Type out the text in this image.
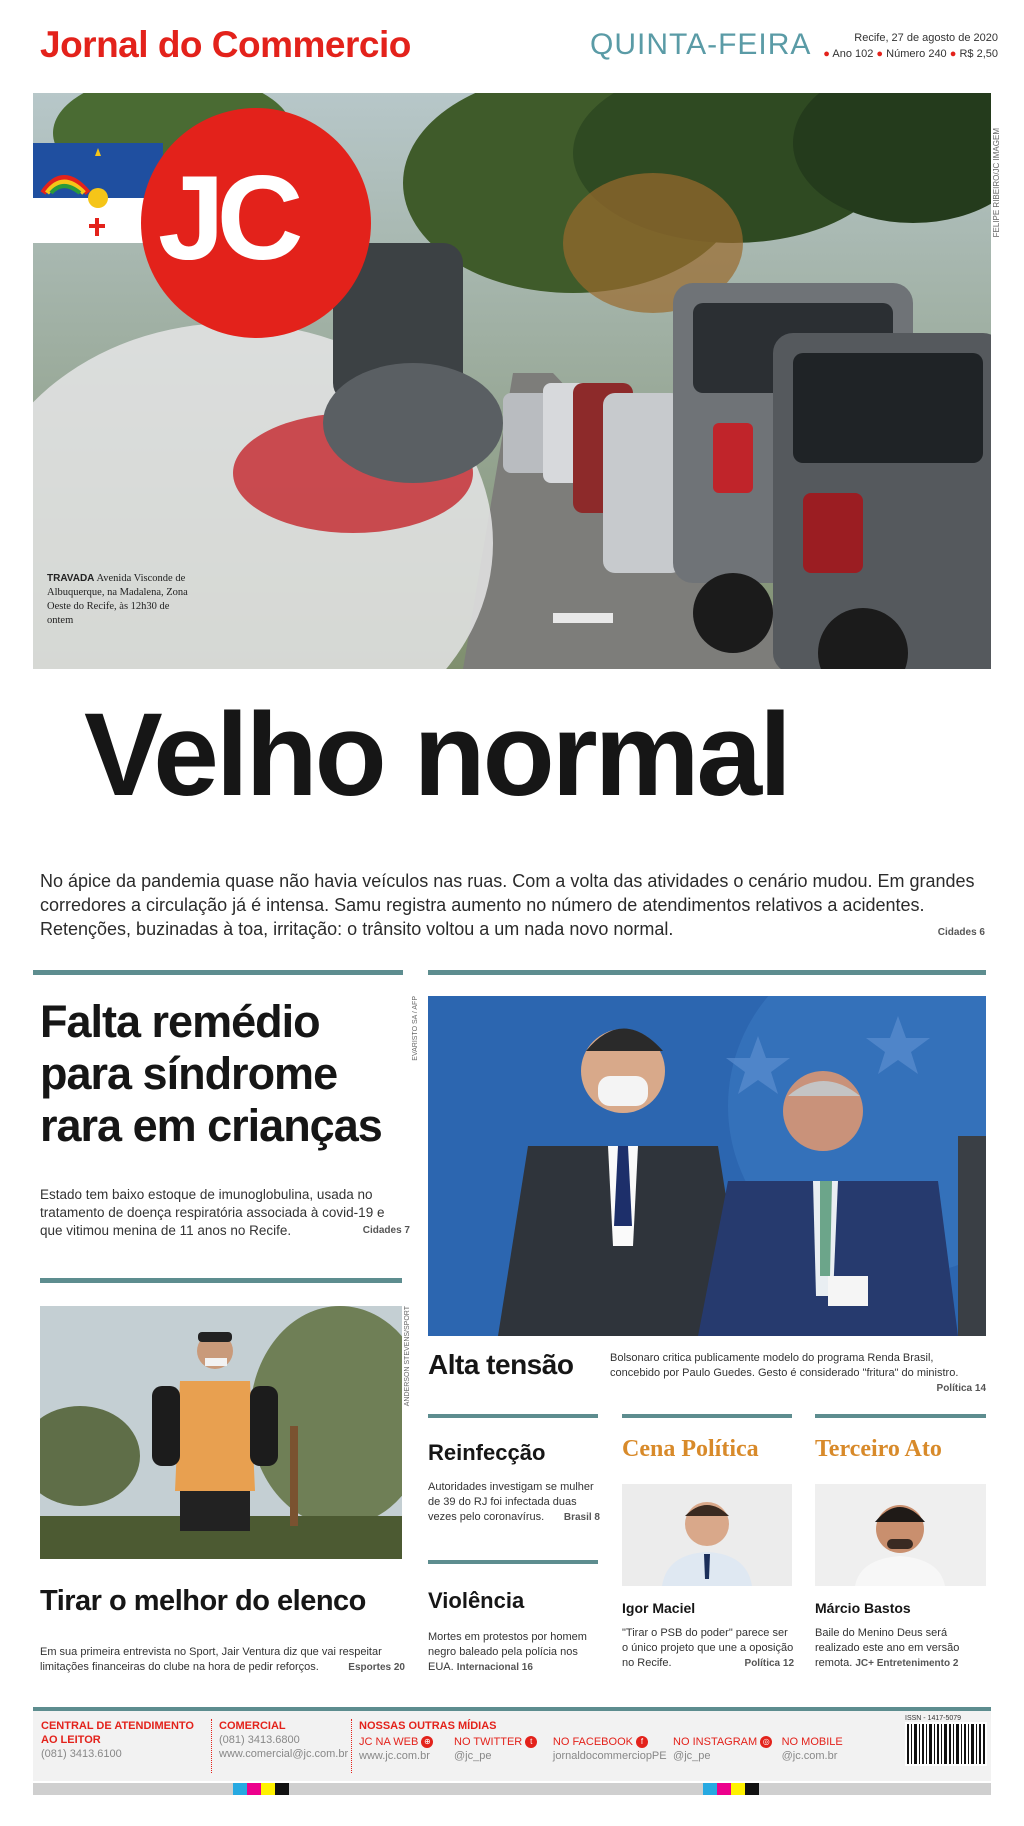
Jornal do Commercio	QUINTA-FEIRA	Recife, 27 de agosto de 2020
● Ano 102 ● Número 240 ● R$ 2,50
JC	FELIPE RIBEIRO/JC IMAGEM
TRAVADA Avenida Visconde de Albuquerque, na Madalena, Zona Oeste do Recife, às 12h30 de ontem
Velho normal
No ápice da pandemia quase não havia veículos nas ruas. Com a volta das atividades o cenário mudou. Em grandes corredores a circulação já é intensa. Samu registra aumento no número de atendimentos relativos a acidentes. Retenções, buzinadas à toa, irritação: o trânsito voltou a um nada novo normal.	Cidades 6
Falta remédio para síndrome rara em crianças
Estado tem baixo estoque de imunoglobulina, usada no tratamento de doença respiratória associada à covid-19 e que vitimou menina de 11 anos no Recife.	Cidades 7
ANDERSON STEVENS/SPORT
Tirar o melhor do elenco
Em sua primeira entrevista no Sport, Jair Ventura diz que vai respeitar limitações financeiras do clube na hora de pedir reforços.	Esportes 20
EVARISTO SA / AFP
Alta tensão	Bolsonaro critica publicamente modelo do programa Renda Brasil, concebido por Paulo Guedes. Gesto é considerado "fritura" do ministro.
Política 14
Reinfecção
Autoridades investigam se mulher de 39 do RJ foi infectada duas vezes pelo coronavírus. Brasil 8
Violência
Mortes em protestos por homem negro baleado pela polícia nos EUA. Internacional 16
Cena Política
Igor Maciel
"Tirar o PSB do poder" parece ser o único projeto que une a oposição no Recife.	Política 12
Terceiro Ato
Márcio Bastos
Baile do Menino Deus será realizado este ano em versão remota. JC+ Entretenimento 2
CENTRAL DE ATENDIMENTO AO LEITOR
(081) 3413.6100
COMERCIAL
(081) 3413.6800
www.comercial@jc.com.br
NOSSAS OUTRAS MÍDIAS
JC NA WEB ⊕
www.jc.com.br
NO TWITTER t
@jc_pe
NO FACEBOOK f
jornaldocommerciopPE
NO INSTAGRAM ◎
@jc_pe
NO MOBILE
@jc.com.br
ISSN - 1417-5079
